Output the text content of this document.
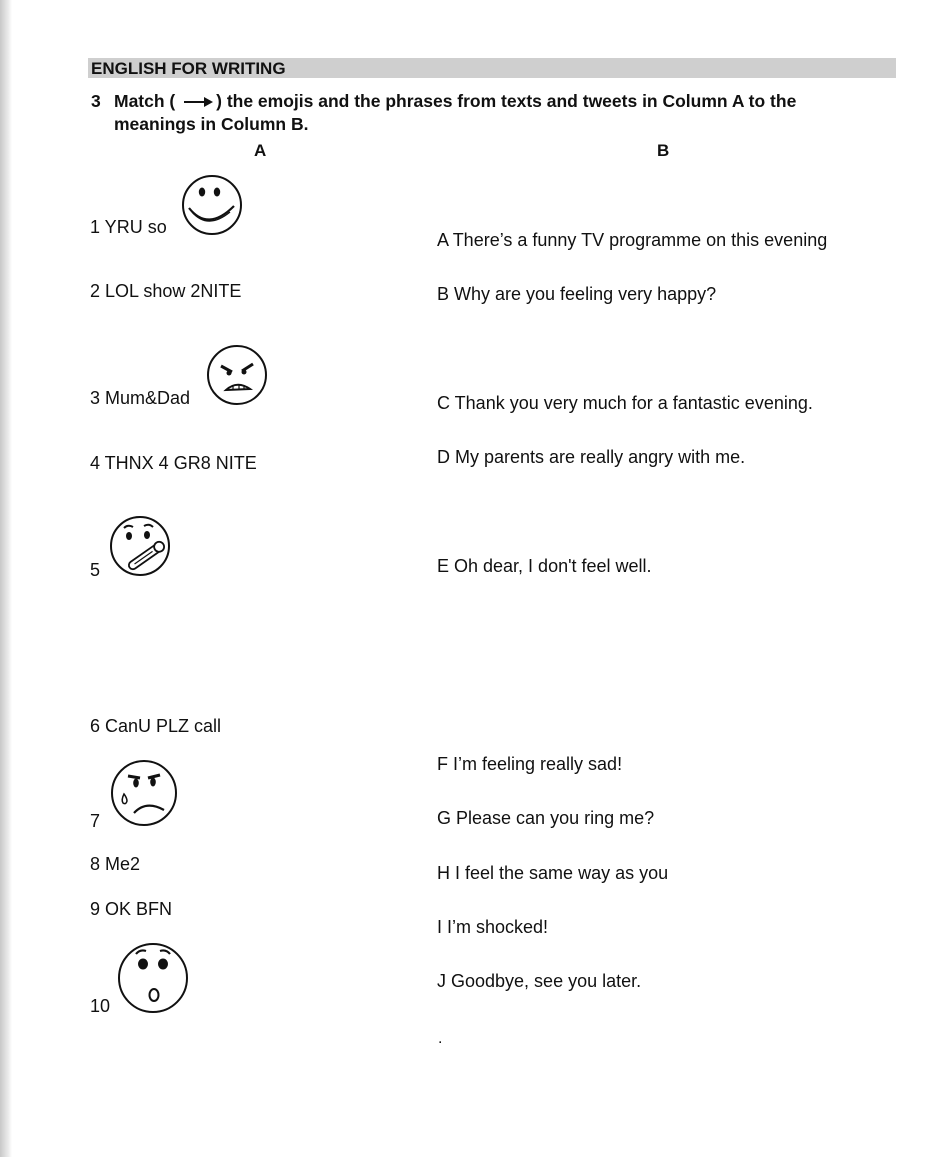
ENGLISH FOR WRITING
3 Match ( ) the emojis and the phrases from texts and tweets in Column A to the
meanings in Column B.
A	B
1 YRU so
2 LOL show 2NITE
3 Mum&Dad
4 THNX 4 GR8 NITE
5
6 CanU PLZ call
7
8 Me2
9 OK BFN
10
A There’s a funny TV programme on this evening
B Why are you feeling very happy?
C Thank you very much for a fantastic evening.
D My parents are really angry with me.
E Oh dear, I don't feel well.
F I’m feeling really sad!
G Please can you ring me?
H I feel the same way as you
I I’m shocked!
J Goodbye, see you later.
.
